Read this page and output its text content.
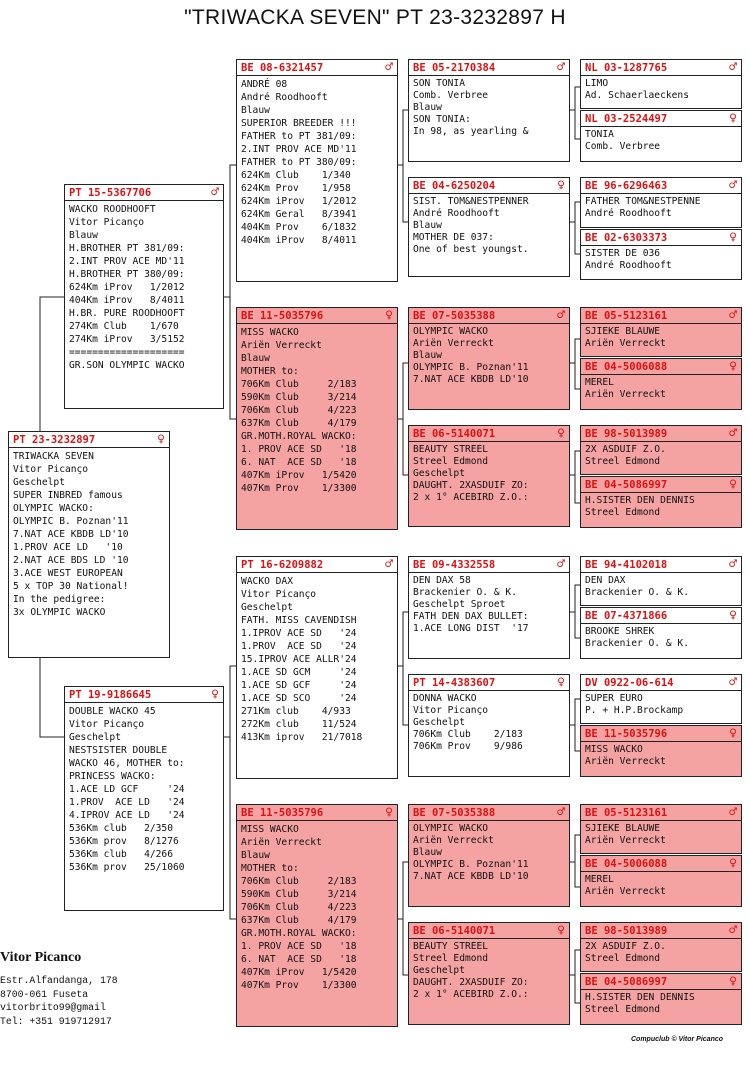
"TRIWACKA SEVEN" PT 23-3232897 H
PT 23-3232897	♀
TRIWACKA SEVEN
Vitor Picanço
Geschelpt
SUPER INBRED famous
OLYMPIC WACKO:
OLYMPIC B. Poznan'11
7.NAT ACE KBDB LD'10
1.PROV ACE LD   '10
2.NAT ACE BDS LD '10
3.ACE WEST EUROPEAN
5 x TOP 30 National!
In the pedigree:
3x OLYMPIC WACKO
PT 15-5367706	♂
WACKO ROODHOOFT
Vitor Picanço
Blauw
H.BROTHER PT 381/09:
2.INT PROV ACE MD'11
H.BROTHER PT 380/09:
624Km iProv   1/2012
404Km iProv   8/4011
H.BR. PURE ROODHOOFT
274Km Club    1/670
274Km iProv   3/5152
====================
GR.SON OLYMPIC WACKO
PT 19-9186645	♀
DOUBLE WACKO 45
Vitor Picanço
Geschelpt
NESTSISTER DOUBLE
WACKO 46, MOTHER to:
PRINCESS WACKO:
1.ACE LD GCF     '24
1.PROV  ACE LD   '24
4.IPROV ACE LD   '24
536Km club   2/350
536Km prov   8/1276
536Km club   4/266
536Km prov   25/1060
BE 08-6321457	♂
ANDRÉ 08
André Roodhooft
Blauw
SUPERIOR BREEDER !!!
FATHER to PT 381/09:
2.INT PROV ACE MD'11
FATHER to PT 380/09:
624Km Club    1/340
624Km Prov    1/958
624Km iProv   1/2012
624Km Geral   8/3941
404Km Prov    6/1832
404Km iProv   8/4011
BE 11-5035796	♀
MISS WACKO
Ariën Verreckt
Blauw
MOTHER to:
706Km Club     2/183
590Km Club     3/214
706Km Club     4/223
637Km Club     4/179
GR.MOTH.ROYAL WACKO:
1. PROV ACE SD   '18
6. NAT  ACE SD   '18
407Km iProv   1/5420
407Km Prov    1/3300
PT 16-6209882	♂
WACKO DAX
Vitor Picanço
Geschelpt
FATH. MISS CAVENDISH
1.IPROV ACE SD   '24
1.PROV  ACE SD   '24
15.IPROV ACE ALLR'24
1.ACE SD GCM     '24
1.ACE SD GCF     '24
1.ACE SD SCO     '24
271Km club    4/933
272Km club    11/524
413Km iprov   21/7018
BE 11-5035796	♀
MISS WACKO
Ariën Verreckt
Blauw
MOTHER to:
706Km Club     2/183
590Km Club     3/214
706Km Club     4/223
637Km Club     4/179
GR.MOTH.ROYAL WACKO:
1. PROV ACE SD   '18
6. NAT  ACE SD   '18
407Km iProv   1/5420
407Km Prov    1/3300
BE 05-2170384	♂
SON TONIA
Comb. Verbree
Blauw
SON TONIA:
In 98, as yearling &
BE 04-6250204	♀
SIST. TOM&NESTPENNER
André Roodhooft
Blauw
MOTHER DE 037:
One of best youngst.
BE 07-5035388	♂
OLYMPIC WACKO
Ariën Verreckt
Blauw
OLYMPIC B. Poznan'11
7.NAT ACE KBDB LD'10
BE 06-5140071	♀
BEAUTY STREEL
Streel Edmond
Geschelpt
DAUGHT. 2XASDUIF ZO:
2 x 1° ACEBIRD Z.O.:
BE 09-4332558	♂
DEN DAX 58
Brackenier O. & K.
Geschelpt Sproet
FATH DEN DAX BULLET:
1.ACE LONG DIST  '17
PT 14-4383607	♀
DONNA WACKO
Vitor Picanço
Geschelpt
706Km Club    2/183
706Km Prov    9/986
BE 07-5035388	♂
OLYMPIC WACKO
Ariën Verreckt
Blauw
OLYMPIC B. Poznan'11
7.NAT ACE KBDB LD'10
BE 06-5140071	♀
BEAUTY STREEL
Streel Edmond
Geschelpt
DAUGHT. 2XASDUIF ZO:
2 x 1° ACEBIRD Z.O.:
NL 03-1287765	♂
LIMO
Ad. Schaerlaeckens
NL 03-2524497	♀
TONIA
Comb. Verbree
BE 96-6296463	♂
FATHER TOM&NESTPENNE
André Roodhooft
BE 02-6303373	♀
SISTER DE 036
André Roodhooft
BE 05-5123161	♂
SJIEKE BLAUWE
Ariën Verreckt
BE 04-5006088	♀
MEREL
Ariën Verreckt
BE 98-5013989	♂
2X ASDUIF Z.O.
Streel Edmond
BE 04-5086997	♀
H.SISTER DEN DENNIS
Streel Edmond
BE 94-4102018	♂
DEN DAX
Brackenier O. & K.
BE 07-4371866	♀
BROOKE SHREK
Brackenier O. & K.
DV 0922-06-614	♂
SUPER EURO
P. + H.P.Brockamp
BE 11-5035796	♀
MISS WACKO
Ariën Verreckt
BE 05-5123161	♂
SJIEKE BLAUWE
Ariën Verreckt
BE 04-5006088	♀
MEREL
Ariën Verreckt
BE 98-5013989	♂
2X ASDUIF Z.O.
Streel Edmond
BE 04-5086997	♀
H.SISTER DEN DENNIS
Streel Edmond
Vitor Picanco
Estr.Alfandanga, 178
8700-061 Fuseta
vitorbrito99@gmail
Tel: +351 919712917
Compuclub © Vitor Picanco
